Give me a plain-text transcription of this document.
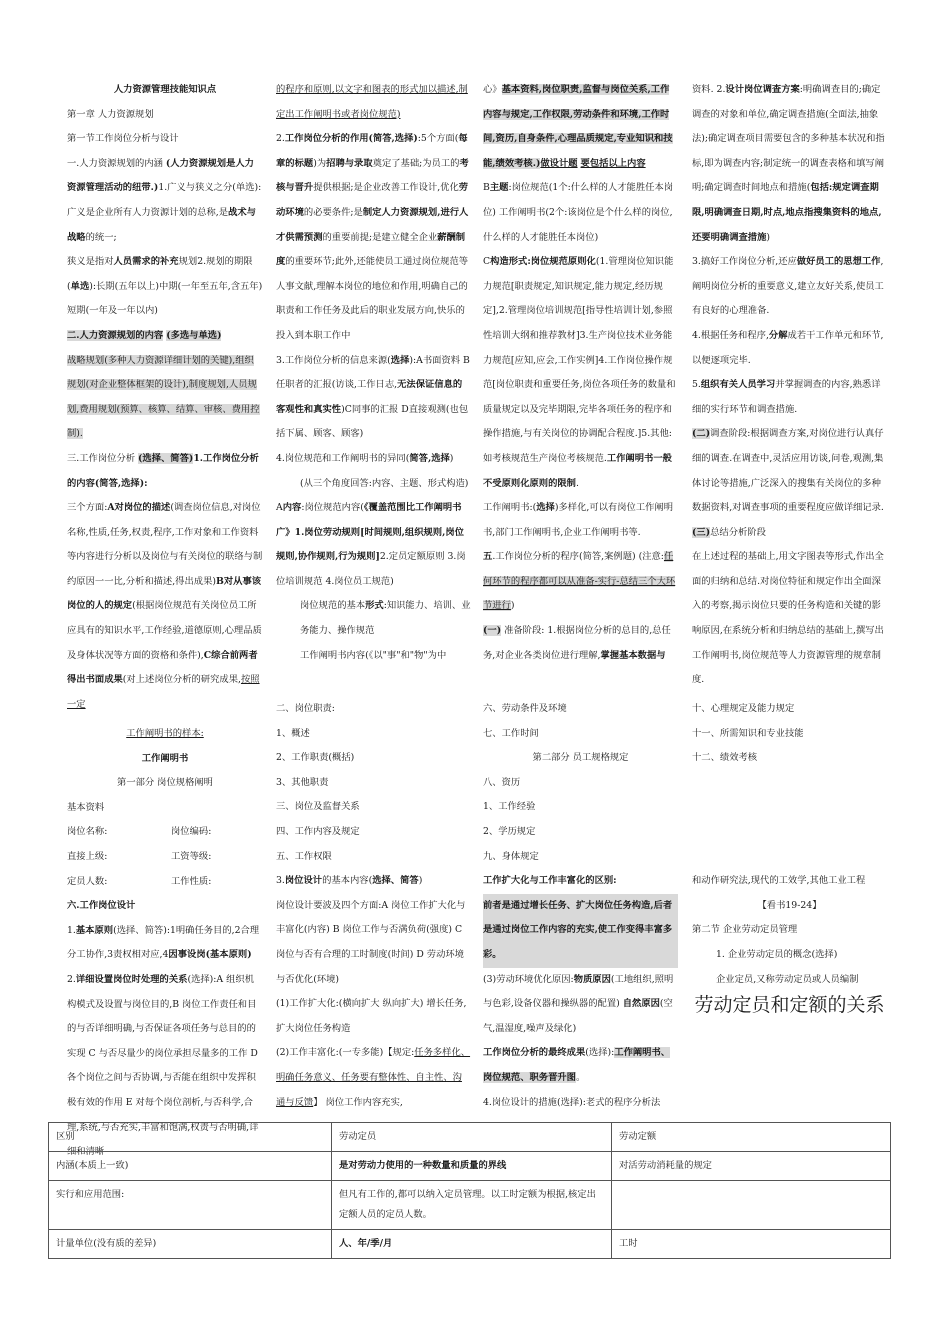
人力资源管理技能知识点

第一章 人力资源规划

第一节工作岗位分析与设计

一.人力资源规划的内涵 (人力资源规划是人力资源管理活动的纽带.)1.广义与狭义之分(单选):广义是企业所有人力资源计划的总称,是战术与战略的统一;

狭义是指对人员需求的补充规划2.规划的期限(单选):长期(五年以上)中期(一年至五年,含五年)短期(一年及一年以内)

二.人力资源规划的内容 (多选与单选)
战略规划(多种人力资源详细计划的关键),组织规划(对企业整体框架的设计),制度规划,人员规划,费用规划(预算、核算、结算、审核、费用控制).

三.工作岗位分析 (选择、简答)1.工作岗位分析的内容(简答,选择):

三个方面:A对岗位的描述(调查岗位信息,对岗位名称,性质,任务,权责,程序,工作对象和工作资料等内容进行分析以及岗位与有关岗位的联络与制约原因一一比,分析和描述,得出成果)B对从事该岗位的人的规定(根据岗位规范有关岗位员工所应具有的知识水平,工作经验,道德原则,心理品质及身体状况等方面的资格和条件),C综合前两者得出书面成果(对上述岗位分析的研究成果,按照一定

工作阐明书的样本:

工作阐明书

第一部分 岗位规格阐明

基本资料

岗位名称:	岗位编码:

直接上级:	工资等级:

定员人数:	工作性质:

六.工作岗位设计

1.基本原则(选择、简答):1明确任务目的,2合理分工协作,3责权相对应,4因事设岗(基本原则)

2.详细设置岗位时处理的关系(选择):A 组织机构模式及设置与岗位目的,B 岗位工作责任和目的与否详细明确,与否保证各项任务与总目的的实现 C 与否尽量少的岗位承担尽量多的工作 D 各个岗位之间与否协调,与否能在组织中发挥积极有效的作用 E 对每个岗位剖析,与否科学,合理,系统,与否充实,丰富和饱满,权责与否明确,详细和清晰

的程序和原则,以文字和图表的形式加以描述,制定出工作阐明书或者岗位规范)

2.工作岗位分析的作用(简答,选择):5个方面(每章的标题)为招聘与录取奠定了基础;为员工的考核与晋升提供根据;是企业改善工作设计,优化劳动环境的必要条件;是制定人力资源规划,进行人才供需预测的重要前提;是建立健全企业薪酬制度的重要环节;此外,还能使员工通过岗位规范等人事文献,理解本岗位的地位和作用,明确自己的职责和工作任务及此后的职业发展方向,快乐的投入到本职工作中

3.工作岗位分析的信息来源(选择):A书面资料 B任职者的汇报(访谈,工作日志,无法保证信息的客观性和真实性)C同事的汇报 D直接观测(也包括下属、顾客、顾客)

4.岗位规范和工作阐明书的异同(简答,选择)
(从三个角度回答:内容、主题、形式构造)

A内容:岗位规范内容(《覆盖范围比工作阐明书广》1.岗位劳动规则[时间规则,组织规则,岗位规则,协作规则,行为规则]2.定员定额原则 3.岗位培训规范 4.岗位员工规范)

岗位规范的基本形式:知识能力、培训、业务能力、操作规范

工作阐明书内容(《以"事"和"物"为中

二、岗位职责:

1、概述

2、工作职责(概括)

3、其他职责

三、岗位及监督关系

四、工作内容及规定

五、工作权限

3.岗位设计的基本内容(选择、简答)

岗位设计要波及四个方面:A 岗位工作扩大化与丰富化(内容) B 岗位工作与否满负荷(强度) C 岗位与否有合理的工时制度(时间) D 劳动环境与否优化(环境)

(1)工作扩大化:(横向扩大 纵向扩大) 增长任务,扩大岗位任务构造

(2)工作丰富化:(一专多能)【规定:任务多样化、明确任务意义、任务要有整体性、自主性、沟通与反馈】 岗位工作内容充实,

心》基本资料,岗位职责,监督与岗位关系,工作内容与规定,工作权限,劳动条件和环境,工作时间,资历,自身条件,心理品质规定,专业知识和技能,绩效考核.)做设计题 要包括以上内容

B主题:岗位规范(1个:什么样的人才能胜任本岗位) 工作阐明书(2个:该岗位是个什么样的岗位,什么样的人才能胜任本岗位)

C构造形式:岗位规范原则化(1.管理岗位知识能力规范[职责规定,知识规定,能力规定,经历规定],2.管理岗位培训规范[指导性培训计划,参照性培训大纲和推荐教材]3.生产岗位技术业务能力规范[应知,应会,工作实例]4.工作岗位操作规范[岗位职责和重要任务,岗位各项任务的数量和质量规定以及完毕期限,完毕各项任务的程序和操作措施,与有关岗位的协调配合程度.]5.其他:如考核规范生产岗位考核规范.工作阐明书一般不受原则化原则的限制.

工作阐明书:(选择)多样化,可以有岗位工作阐明书,部门工作阐明书,企业工作阐明书等.

五.工作岗位分析的程序(简答,案例题) (注意:任何环节的程序都可以从准备-实行-总结三个大环节进行)

(一) 准备阶段: 1.根据岗位分析的总目的,总任务,对企业各类岗位进行理解,掌握基本数据与

六、劳动条件及环境

七、工作时间

第二部分 员工规格规定

八、资历

1、工作经验

2、学历规定

九、身体规定

工作扩大化与工作丰富化的区别:

前者是通过增长任务、扩大岗位任务构造,后者是通过岗位工作内容的充实,使工作变得丰富多彩。

(3)劳动环境优化原因:物质原因(工地组织,照明与色彩,设备仪器和操纵器的配置) 自然原因(空气,温湿度,噪声及绿化)

工作岗位分析的最终成果(选择):工作阐明书、岗位规范、职务晋升图。

4.岗位设计的措施(选择):老式的程序分析法

资料. 2.设计岗位调查方案:明确调查目的;确定调查的对象和单位,确定调查措施(全面法,抽象法);确定调查项目需要包含的多种基本状况和指标,即为调查内容;制定统一的调查表格和填写阐明;确定调查时间地点和措施(包括:规定调查期限,明确调查日期,时点,地点指搜集资料的地点,还要明确调查措施)

3.搞好工作岗位分析,还应做好员工的思想工作,阐明岗位分析的重要意义,建立友好关系,使员工有良好的心理准备.

4.根据任务和程序,分解成若干工作单元和环节,以便逐项完毕.

5.组织有关人员学习并掌握调查的内容,熟悉详细的实行环节和调查措施.

(二)调查阶段:根据调查方案,对岗位进行认真仔细的调查.在调查中,灵活应用访谈,问卷,观测,集体讨论等措施,广泛深入的搜集有关岗位的多种数据资料,对调查事项的重要程度应做详细记录.

(三)总结分析阶段
在上述过程的基础上,用文字图表等形式,作出全面的归纳和总结.对岗位特征和规定作出全面深入的考察,揭示岗位只要的任务构造和关键的影响原因,在系统分析和归纳总结的基础上,撰写出工作阐明书,岗位规范等人力资源管理的规章制度.

十、心理规定及能力规定

十一、所需知识和专业技能

十二、绩效考核

和动作研究法,现代的工效学,其他工业工程

【看书19-24】

第二节 企业劳动定员管理

1. 企业劳动定员的概念(选择)

企业定员,又称劳动定员或人员编制

劳动定员和定额的关系

区别	劳动定员	劳动定额
内涵(本质上一致)	是对劳动力使用的一种数量和质量的界线	对活劳动消耗量的规定
实行和应用范围:	但凡有工作的,都可以纳入定员管理。以工时定额为根据,核定出定额人员的定员人数。	
计量单位(没有质的差异)	人、年/季/月	工时
